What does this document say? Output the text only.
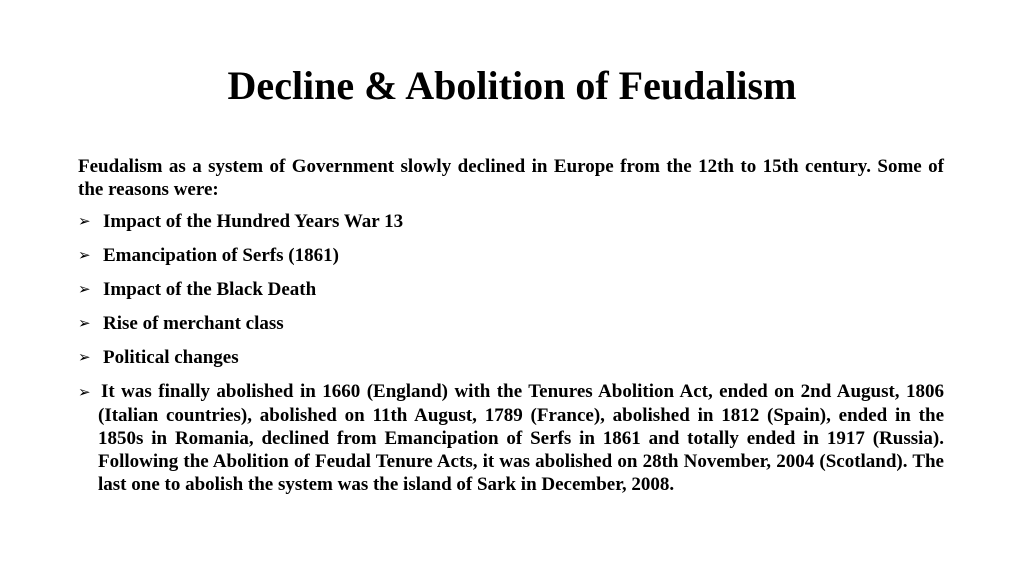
Decline & Abolition of Feudalism

Feudalism as a system of Government slowly declined in Europe from the 12th to 15th century. Some of the reasons were:

➢ Impact of the Hundred Years War 13
➢ Emancipation of Serfs (1861)
➢ Impact of the Black Death
➢ Rise of merchant class
➢ Political changes
➢ It was finally abolished in 1660 (England) with the Tenures Abolition Act, ended on 2nd August, 1806 (Italian countries), abolished on 11th August, 1789 (France), abolished in 1812 (Spain), ended in the 1850s in Romania, declined from Emancipation of Serfs in 1861 and totally ended in 1917 (Russia). Following the Abolition of Feudal Tenure Acts, it was abolished on 28th November, 2004 (Scotland). The last one to abolish the system was the island of Sark in December, 2008.
